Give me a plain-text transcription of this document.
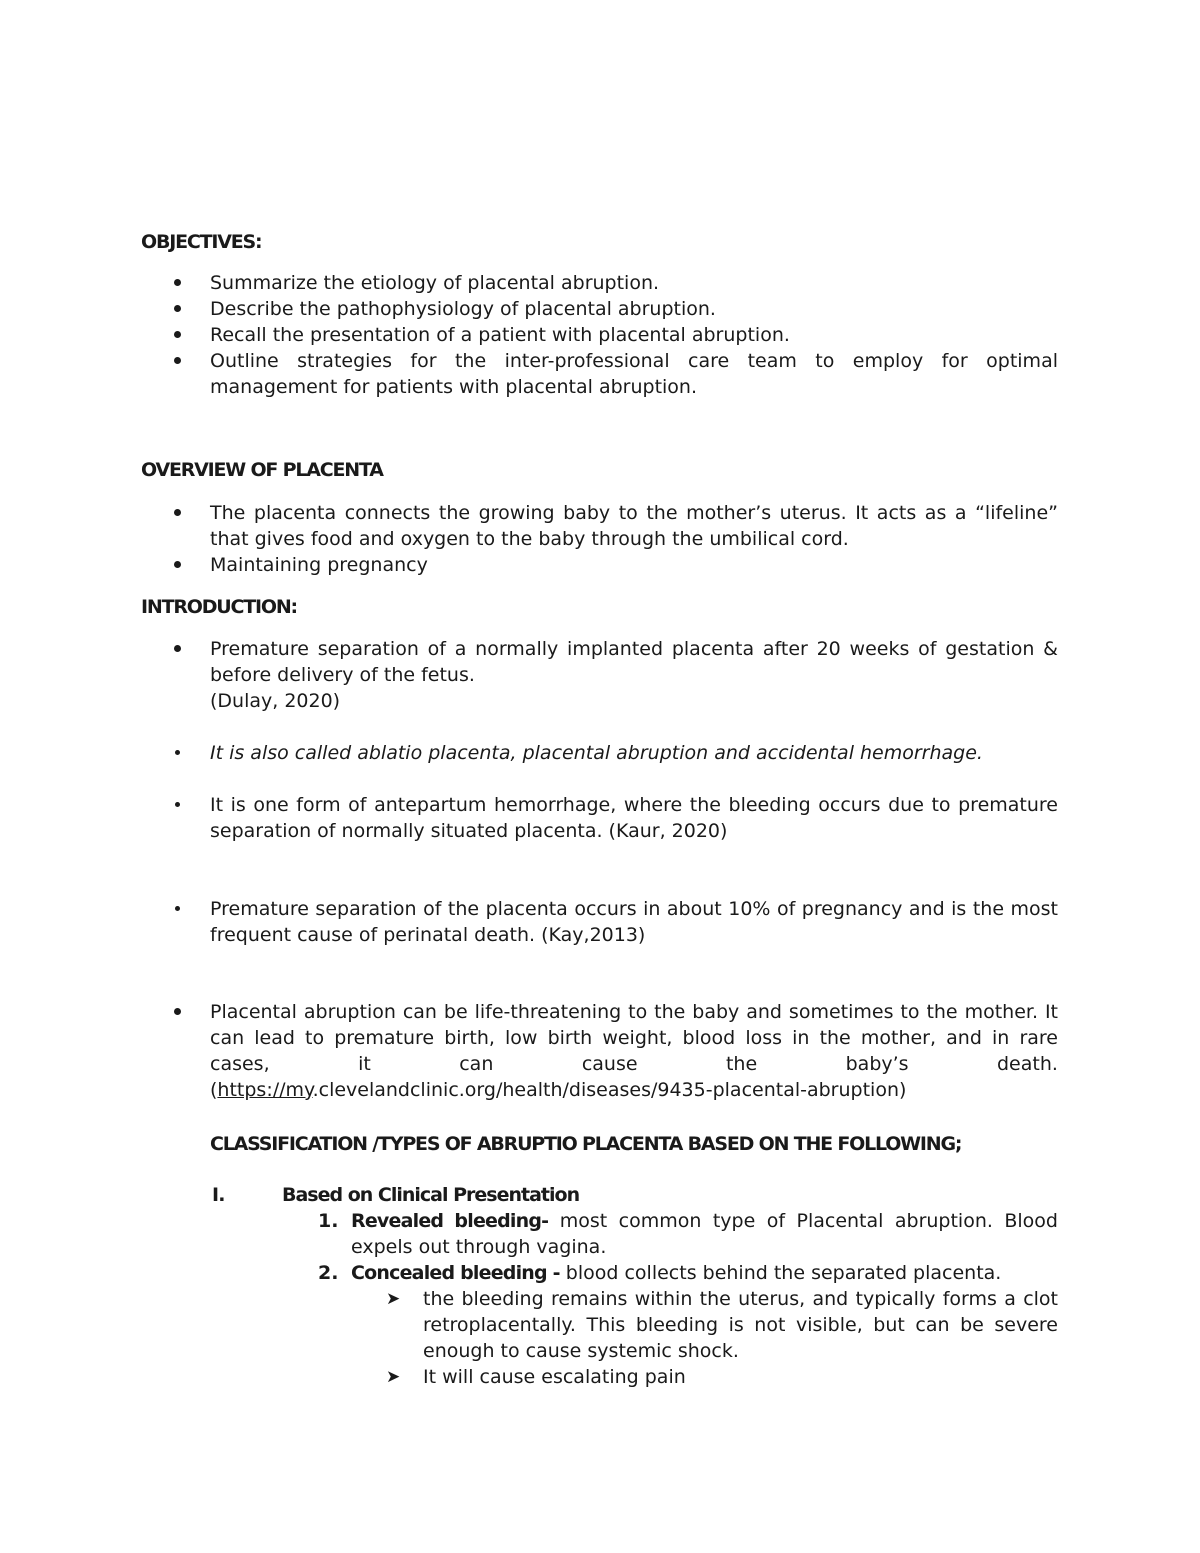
OBJECTIVES:

Summarize the etiology of placental abruption.

Describe the pathophysiology of placental abruption.

Recall the presentation of a patient with placental abruption.

Outline strategies for the inter-professional care team to employ for optimal management for patients with placental abruption.

OVERVIEW OF PLACENTA

The placenta connects the growing baby to the mother’s uterus. It acts as a “lifeline” that gives food and oxygen to the baby through the umbilical cord.

Maintaining pregnancy

INTRODUCTION:

Premature separation of a normally implanted placenta after 20 weeks of gestation & before delivery of the fetus.

(Dulay, 2020)

It is also called ablatio placenta, placental abruption and accidental hemorrhage.

It is one form of antepartum hemorrhage, where the bleeding occurs due to premature separation of normally situated placenta. (Kaur, 2020)

Premature separation of the placenta occurs in about 10% of pregnancy and is the most frequent cause of perinatal death. (Kay,2013)

Placental abruption can be life-threatening to the baby and sometimes to the mother. It can lead to premature birth, low birth weight, blood loss in the mother, and in rare

cases,	it	can	cause	the	baby’s	death.

(https://my.clevelandclinic.org/health/diseases/9435-placental-abruption)

CLASSIFICATION /TYPES OF ABRUPTIO PLACENTA BASED ON THE FOLLOWING;
I.	Based on Clinical Presentation
1. Revealed bleeding- most common type of Placental abruption. Blood expels out through vagina.

2. Concealed bleeding - blood collects behind the separated placenta.

➤ the bleeding remains within the uterus, and typically forms a clot retroplacentally. This bleeding is not visible, but can be severe enough to cause systemic shock.

➤ It will cause escalating pain
